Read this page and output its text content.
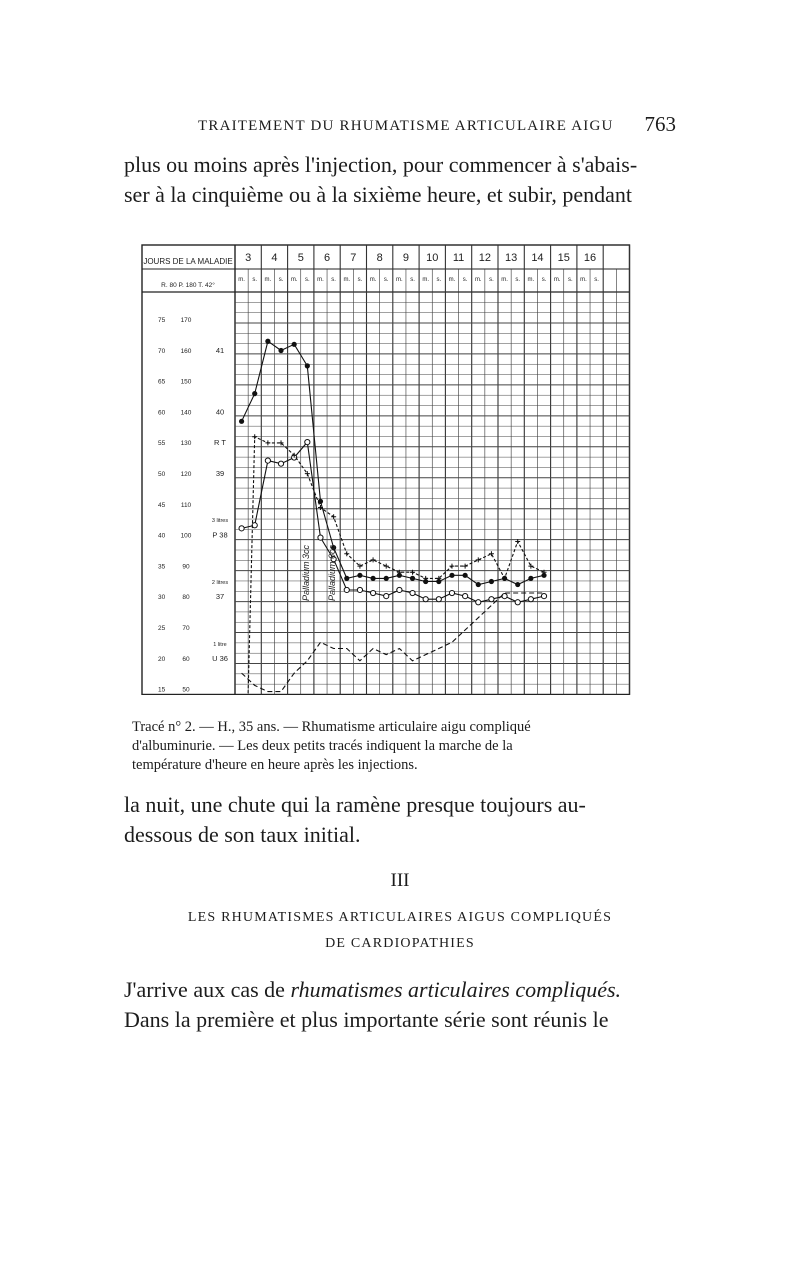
TRAITEMENT DU RHUMATISME ARTICULAIRE AIGU 763
plus ou moins après l'injection, pour commencer à s'abais-
ser à la cinquième ou à la sixième heure, et subir, pendant
JOURS DE LA MALADIE
R. 80 P. 180 T. 42°
3
m. s.
4
m. s.
5
m. s.
6
m. s.
7
m. s.
8
m. s.
9
m. s.
10
m. s.
11
m. s.
12
m. s.
13
m. s.
14
m. s.
15
m. s.
16
m. s.
75 170
70 160	41
65 150
60 140	40
55 130	R T
50 120	39
45 110
40 100	P 38
35	90
30	80	37
25	70
20	60	U 36
15	50
Palladium 3cc Palladium 6cc
3 litres
2 litres
1 litre
Tracé n° 2. — H., 35 ans. — Rhumatisme articulaire aigu compliqué
d'albuminurie. — Les deux petits tracés indiquent la marche de la
température d'heure en heure après les injections.
la nuit, une chute qui la ramène presque toujours au-
dessous de son taux initial.
III
LES RHUMATISMES ARTICULAIRES AIGUS COMPLIQUÉS
DE CARDIOPATHIES
J'arrive aux cas de rhumatismes articulaires compliqués.
Dans la première et plus importante série sont réunis le
